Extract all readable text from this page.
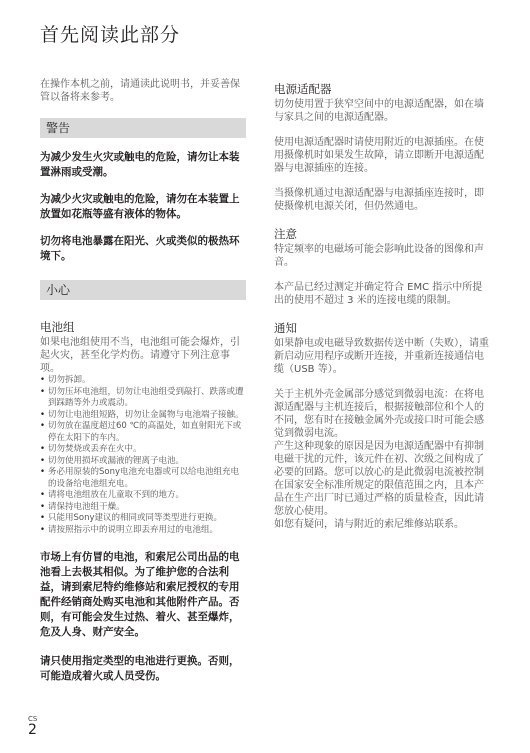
首先阅读此部分
在操作本机之前，请通读此说明书，并妥善保管以备将来参考。
警告
为减少发生火灾或触电的危险，请勿让本装置淋雨或受潮。
为减少火灾或触电的危险，请勿在本装置上放置如花瓶等盛有液体的物体。
切勿将电池暴露在阳光、火或类似的极热环境下。
小心
电池组
如果电池组使用不当，电池组可能会爆炸，引起火灾，甚至化学灼伤。请遵守下列注意事项。
• 切勿拆卸。
• 切勿压坏电池组，切勿让电池组受到敲打、跌落或遭到踩踏等外力或震动。
• 切勿让电池组短路，切勿让金属物与电池端子接触。
• 切勿放在温度超过60 ℃的高温处，如直射阳光下或停在太阳下的车内。
• 切勿焚烧或丢弃在火中。
• 切勿使用损坏或漏液的锂离子电池。
• 务必用原装的Sony电池充电器或可以给电池组充电的设备给电池组充电。
• 请将电池组放在儿童取不到的地方。
• 请保持电池组干燥。
• 只能用Sony建议的相同或同等类型进行更换。
• 请按照指示中的说明立即丢弃用过的电池组。
市场上有仿冒的电池，和索尼公司出品的电池看上去极其相似。为了维护您的合法利益，请到索尼特约维修站和索尼授权的专用配件经销商处购买电池和其他附件产品。否则，有可能会发生过热、着火、甚至爆炸，危及人身、财产安全。
请只使用指定类型的电池进行更换。否则，可能造成着火或人员受伤。
电源适配器
切勿使用置于狭窄空间中的电源适配器，如在墙与家具之间的电源适配器。
使用电源适配器时请使用附近的电源插座。在使用摄像机时如果发生故障，请立即断开电源适配器与电源插座的连接。
当摄像机通过电源适配器与电源插座连接时，即使摄像机电源关闭，但仍然通电。
注意
特定频率的电磁场可能会影响此设备的图像和声音。
本产品已经过测定并确定符合 EMC 指示中所提出的使用不超过 3 米的连接电缆的限制。
通知
如果静电或电磁导致数据传送中断（失败），请重新启动应用程序或断开连接，并重新连接通信电缆（USB 等）。
关于主机外壳金属部分感觉到微弱电流：在将电源适配器与主机连接后，根据接触部位和个人的不同，您有时在接触金属外壳或接口时可能会感觉到微弱电流。
产生这种现象的原因是因为电源适配器中有抑制电磁干扰的元件，该元件在初、次级之间构成了必要的回路。您可以放心的是此微弱电流被控制在国家安全标准所规定的限值范围之内，且本产品在生产出厂时已通过严格的质量检查，因此请您放心使用。
如您有疑问，请与附近的索尼维修站联系。
CS
2
